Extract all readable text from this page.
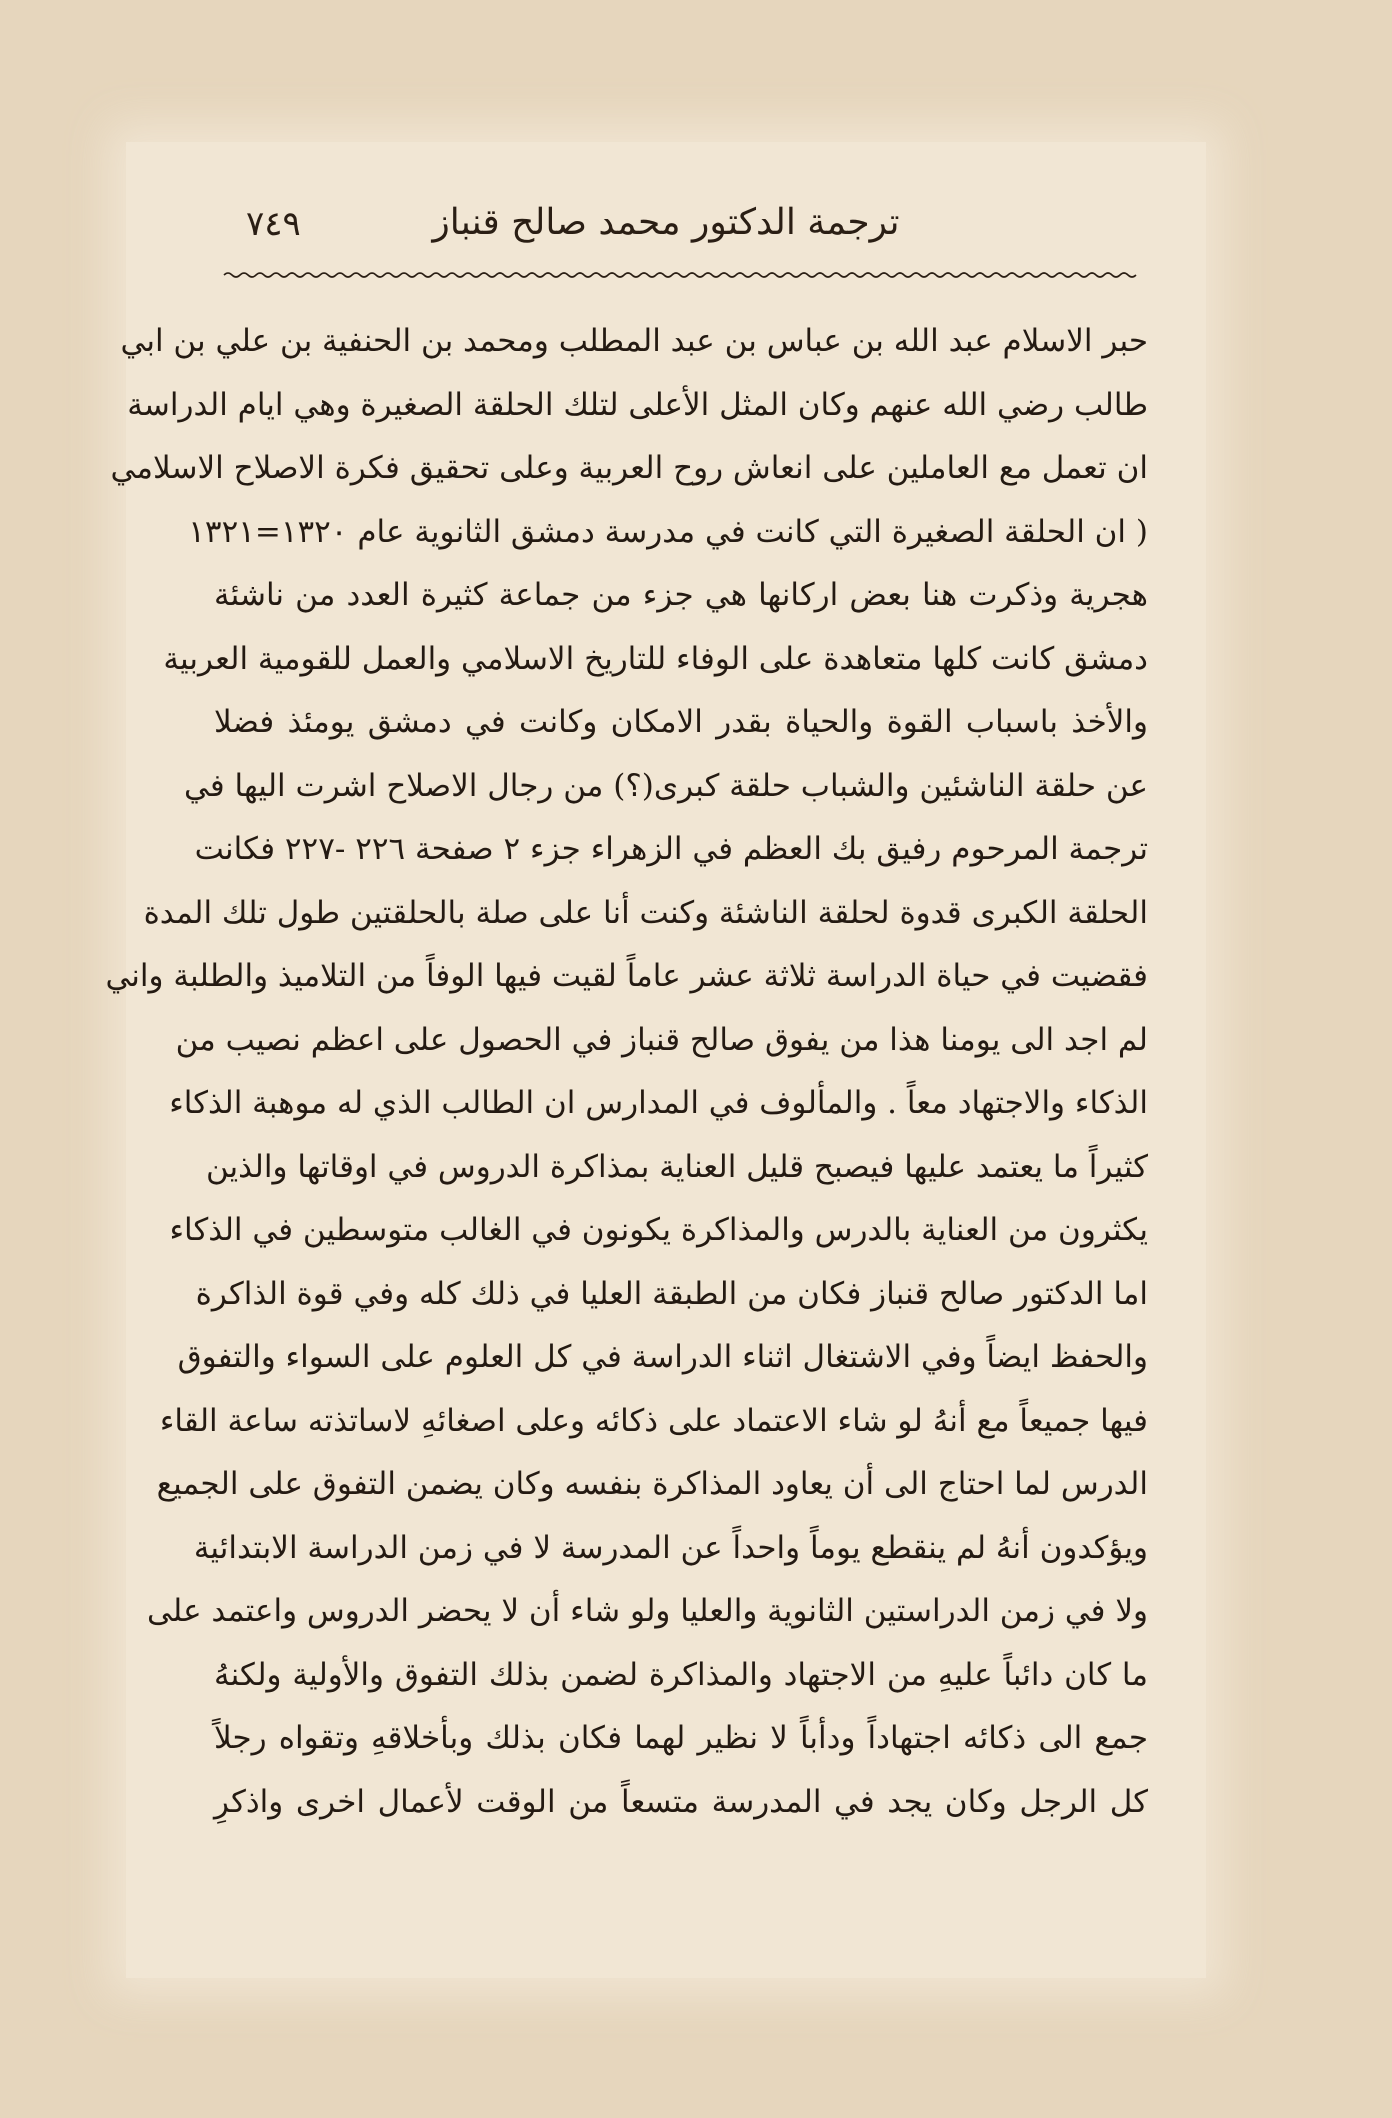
ترجمة الدكتور محمد صالح قنباز
٧٤٩
حبر الاسلام عبد الله بن عباس بن عبد المطلب ومحمد بن الحنفية بن علي بن ابي
طالب رضي الله عنهم وكان المثل الأعلى لتلك الحلقة الصغيرة وهي ايام الدراسة
ان تعمل مع العاملين على انعاش روح العربية وعلى تحقيق فكرة الاصلاح الاسلامي
( ان الحلقة الصغيرة التي كانت في مدرسة دمشق الثانوية عام ١٣٢٠=١٣٢١
هجرية وذكرت هنا بعض اركانها هي جزء من جماعة كثيرة العدد من ناشئة
دمشق كانت كلها متعاهدة على الوفاء للتاريخ الاسلامي والعمل للقومية العربية
والأخذ باسباب القوة والحياة بقدر الامكان وكانت في دمشق يومئذ فضلا
عن حلقة الناشئين والشباب حلقة كبرى(؟) من رجال الاصلاح اشرت اليها في
ترجمة المرحوم رفيق بك العظم في الزهراء جزء ٢ صفحة ٢٢٦ -٢٢٧ فكانت
الحلقة الكبرى قدوة لحلقة الناشئة وكنت أنا على صلة بالحلقتين طول تلك المدة
فقضيت في حياة الدراسة ثلاثة عشر عاماً لقيت فيها الوفاً من التلاميذ والطلبة واني
لم اجد الى يومنا هذا من يفوق صالح قنباز في الحصول على اعظم نصيب من
الذكاء والاجتهاد معاً . والمألوف في المدارس ان الطالب الذي له موهبة الذكاء
كثيراً ما يعتمد عليها فيصبح قليل العناية بمذاكرة الدروس في اوقاتها والذين
يكثرون من العناية بالدرس والمذاكرة يكونون في الغالب متوسطين في الذكاء
اما الدكتور صالح قنباز فكان من الطبقة العليا في ذلك كله وفي قوة الذاكرة
والحفظ ايضاً وفي الاشتغال اثناء الدراسة في كل العلوم على السواء والتفوق
فيها جميعاً مع أنهُ لو شاء الاعتماد على ذكائه وعلى اصغائهِ لاساتذته ساعة القاء
الدرس لما احتاج الى أن يعاود المذاكرة بنفسه وكان يضمن التفوق على الجميع
ويؤكدون أنهُ لم ينقطع يوماً واحداً عن المدرسة لا في زمن الدراسة الابتدائية
ولا في زمن الدراستين الثانوية والعليا ولو شاء أن لا يحضر الدروس واعتمد على
ما كان دائباً عليهِ من الاجتهاد والمذاكرة لضمن بذلك التفوق والأولية ولكنهُ
جمع الى ذكائه اجتهاداً ودأباً لا نظير لهما فكان بذلك وبأخلاقهِ وتقواه رجلاً
كل الرجل وكان يجد في المدرسة متسعاً من الوقت لأعمال اخرى واذكرِ
